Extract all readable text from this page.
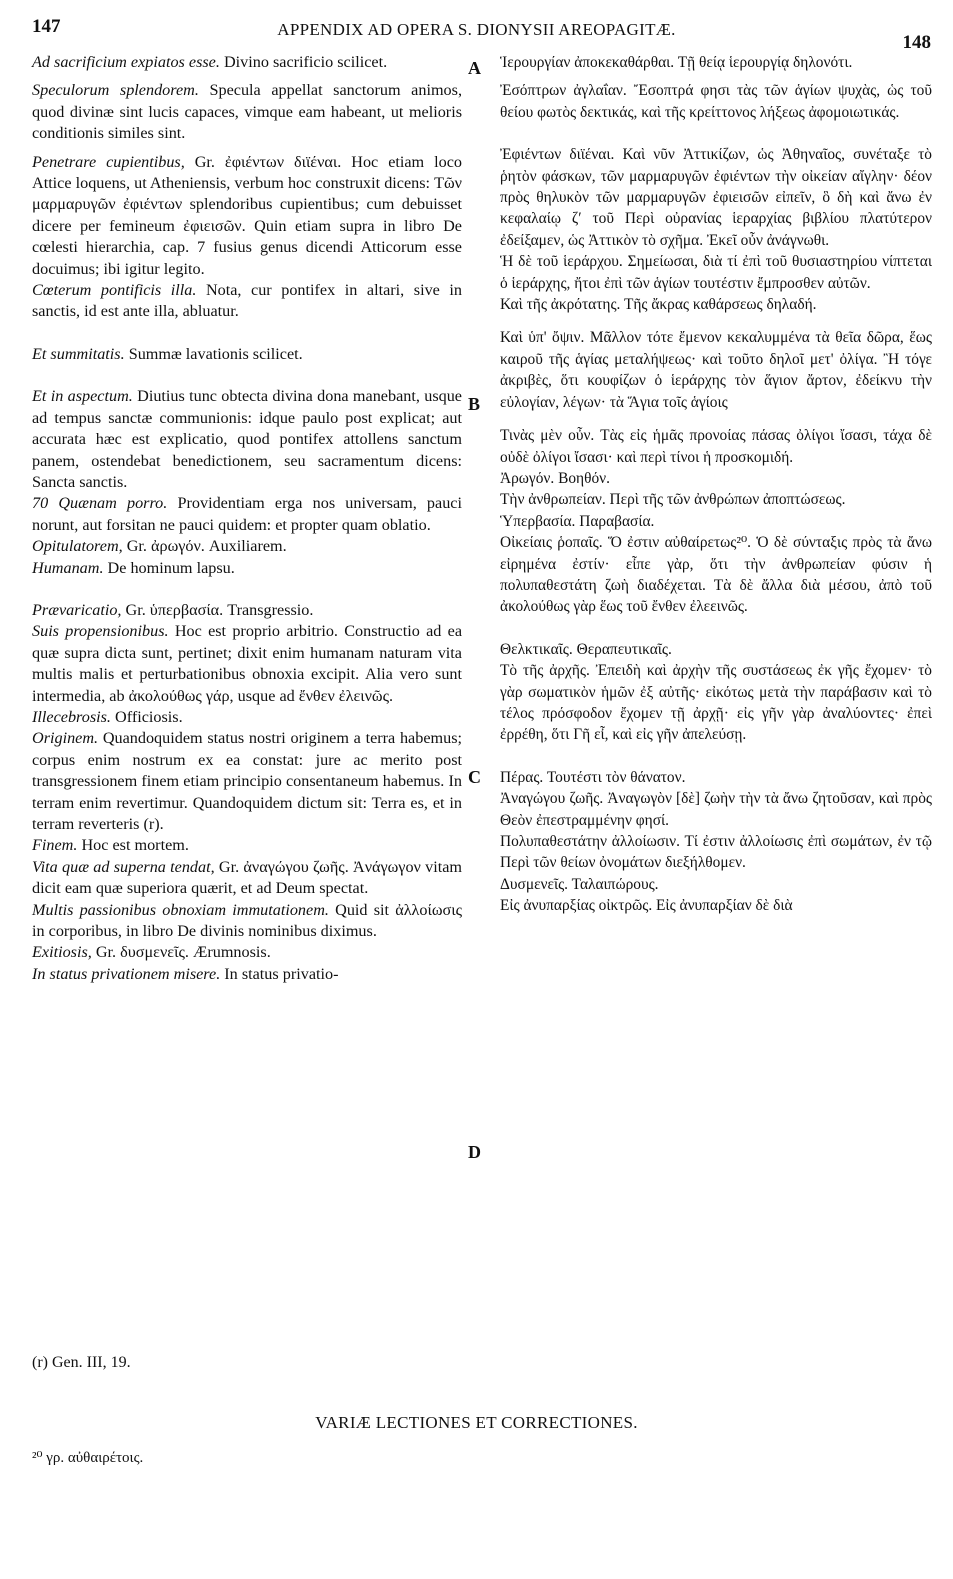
147	APPENDIX AD OPERA S. DIONYSII AREOPAGITÆ.
148

Ad sacrificium expiatos esse. Divino sacrificio scilicet.

Speculorum splendorem. Specula appellat sanctorum animos, quod divinæ sint lucis capaces, vimque eam habeant, ut melioris conditionis similes sint.

Penetrare cupientibus, Gr. ἐφιέντων διϊέναι. Hoc etiam loco Attice loquens, ut Atheniensis, verbum hoc construxit dicens: Τῶν μαρμαρυγῶν ἐφιέντων splendoribus cupientibus; cum debuisset dicere per femineum ἐφιεισῶν. Quin etiam supra in libro De cœlesti hierarchia, cap. 7 fusius genus dicendi Atticorum esse docuimus; ibi igitur legito.

Cœterum pontificis illa. Nota, cur pontifex in altari, sive in sanctis, id est ante illa, abluatur.

Et summitatis. Summæ lavationis scilicet.

Et in aspectum. Diutius tunc obtecta divina dona manebant, usque ad tempus sanctæ communionis: idque paulo post explicat; aut accurata hæc est explicatio, quod pontifex attollens sanctum panem, ostendebat benedictionem, seu sacramentum dicens: Sancta sanctis.

70 Quænam porro. Providentiam erga nos universam, pauci norunt, aut forsitan ne pauci quidem: et propter quam oblatio.

Opitulatorem, Gr. ἀρωγόν. Auxiliarem.

Humanam. De hominum lapsu.

Prævaricatio, Gr. ὑπερβασία. Transgressio.

Suis propensionibus. Hoc est proprio arbitrio. Constructio ad ea quæ supra dicta sunt, pertinet; dixit enim humanam naturam vita multis malis et perturbationibus obnoxia excipit. Alia vero sunt intermedia, ab ἀκολούθως γάρ, usque ad ἔνθεν ἐλεινῶς.

Illecebrosis. Officiosis.

Originem. Quandoquidem status nostri originem a terra habemus; corpus enim nostrum ex ea constat: jure ac merito post transgressionem finem etiam principio consentaneum habemus. In terram enim revertimur. Quandoquidem dictum sit: Terra es, et in terram reverteris (r).

Finem. Hoc est mortem.

Vita quæ ad superna tendat, Gr. ἀναγώγου ζωῆς. Ἀνάγωγον vitam dicit eam quæ superiora quærit, et ad Deum spectat.

Multis passionibus obnoxiam immutationem. Quid sit ἀλλοίωσις in corporibus, in libro De divinis nominibus diximus.

Exitiosis, Gr. δυσμενεῖς. Ærumnosis.

In status privationem misere. In status privatio-

A
B
C
D

Ἱερουργίαν ἀποκεκαθάρθαι. Τῇ θείᾳ ἱερουργίᾳ δηλονότι.

Ἐσόπτρων ἀγλαΐαν. Ἔσοπτρά φησι τὰς τῶν ἁγίων ψυχὰς, ὡς τοῦ θείου φωτὸς δεκτικάς, καὶ τῆς κρείττονος λήξεως ἀφομοιωτικάς.

Ἐφιέντων διϊέναι. Καὶ νῦν Ἀττικίζων, ὡς Ἀθηναῖος, συνέταξε τὸ ῥητὸν φάσκων, τῶν μαρμαρυγῶν ἐφιέντων τὴν οἰκείαν αἴγλην· δέον πρὸς θηλυκὸν τῶν μαρμαρυγῶν ἐφιεισῶν εἰπεῖν, ὃ δὴ καὶ ἄνω ἐν κεφαλαίῳ ζ′ τοῦ Περὶ οὐρανίας ἱεραρχίας βιβλίου πλατύτερον ἐδείξαμεν, ὡς Ἀττικὸν τὸ σχῆμα. Ἐκεῖ οὖν ἀνάγνωθι.

Ἡ δὲ τοῦ ἱεράρχου. Σημείωσαι, διὰ τί ἐπὶ τοῦ θυσιαστηρίου νίπτεται ὁ ἱεράρχης, ἤτοι ἐπὶ τῶν ἁγίων τουτέστιν ἔμπροσθεν αὐτῶν.

Καὶ τῆς ἀκρότατης. Τῆς ἄκρας καθάρσεως δηλαδή.

Καὶ ὑπ' ὄψιν. Μᾶλλον τότε ἔμενον κεκαλυμμένα τὰ θεῖα δῶρα, ἕως καιροῦ τῆς ἁγίας μεταλήψεως· καὶ τοῦτο δηλοῖ μετ' ὀλίγα. Ἢ τόγε ἀκριβὲς, ὅτι κουφίζων ὁ ἱεράρχης τὸν ἅγιον ἄρτον, ἐδείκνυ τὴν εὐλογίαν, λέγων· τὰ Ἅγια τοῖς ἁγίοις

Τινὰς μὲν οὖν. Τὰς εἰς ἡμᾶς προνοίας πάσας ὀλίγοι ἴσασι, τάχα δὲ οὐδὲ ὀλίγοι ἴσασι· καὶ περὶ τίνοι ἡ προσκομιδή.

Ἀρωγόν. Βοηθόν.

Τὴν ἀνθρωπείαν. Περὶ τῆς τῶν ἀνθρώπων ἀποπτώσεως.

Ὑπερβασία. Παραβασία.

Οἰκείαις ῥοπαῖς. Ὅ ἐστιν αὐθαίρετως²⁰. Ὁ δὲ σύνταξις πρὸς τὰ ἄνω εἰρημένα ἐστίν· εἶπε γὰρ, ὅτι τὴν ἀνθρωπείαν φύσιν ἡ πολυπαθεστάτη ζωὴ διαδέχεται. Τὰ δὲ ἄλλα διὰ μέσου, ἀπὸ τοῦ ἀκολούθως γὰρ ἕως τοῦ ἔνθεν ἐλεεινῶς.

Θελκτικαῖς. Θεραπευτικαῖς.

Τὸ τῆς ἀρχῆς. Ἐπειδὴ καὶ ἀρχὴν τῆς συστάσεως ἐκ γῆς ἔχομεν· τὸ γὰρ σωματικὸν ἡμῶν ἐξ αὐτῆς· εἰκότως μετὰ τὴν παράβασιν καὶ τὸ τέλος πρόσφοδον ἔχομεν τῇ ἀρχῇ· εἰς γῆν γὰρ ἀναλύοντες· ἐπεὶ ἐρρέθη, ὅτι Γῆ εἶ, καὶ εἰς γῆν ἀπελεύσῃ.

Πέρας. Τουτέστι τὸν θάνατον.

Ἀναγώγου ζωῆς. Ἀναγωγὸν [δὲ] ζωὴν τὴν τὰ ἄνω ζητοῦσαν, καὶ πρὸς Θεὸν ἐπεστραμμένην φησί.

Πολυπαθεστάτην ἀλλοίωσιν. Τί ἐστιν ἀλλοίωσις ἐπὶ σωμάτων, ἐν τῷ Περὶ τῶν θείων ὀνομάτων διεξήλθομεν.

Δυσμενεῖς. Ταλαιπώρους.

Εἰς ἀνυπαρξίας οἰκτρῶς. Εἰς ἀνυπαρξίαν δὲ διὰ

(r) Gen. III, 19.
VARIÆ LECTIONES ET CORRECTIONES.
²⁰ γρ. αὐθαιρέτοις.
